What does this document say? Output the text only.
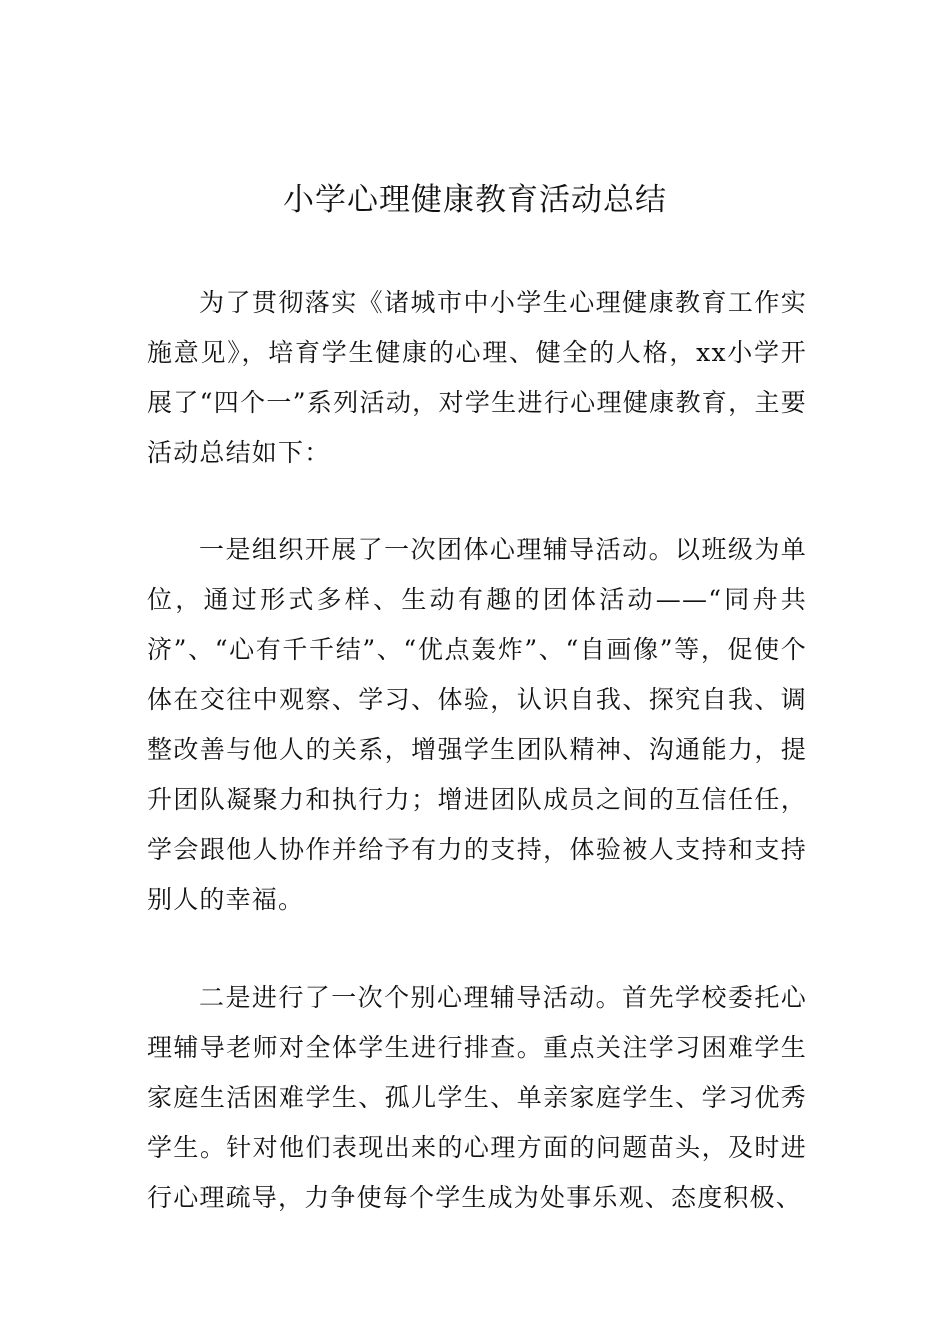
小学心理健康教育活动总结

为了贯彻落实《诸城市中小学生心理健康教育工作实施意见》，培育学生健康的心理、健全的人格，xx小学开展了“四个一”系列活动，对学生进行心理健康教育，主要活动总结如下：

一是组织开展了一次团体心理辅导活动。以班级为单位，通过形式多样、生动有趣的团体活动——“同舟共济”、“心有千千结”、“优点轰炸”、“自画像”等，促使个体在交往中观察、学习、体验，认识自我、探究自我、调整改善与他人的关系，增强学生团队精神、沟通能力，提升团队凝聚力和执行力；增进团队成员之间的互信任任，学会跟他人协作并给予有力的支持，体验被人支持和支持别人的幸福。

二是进行了一次个别心理辅导活动。首先学校委托心理辅导老师对全体学生进行排查。重点关注学习困难学生家庭生活困难学生、孤儿学生、单亲家庭学生、学习优秀学生。针对他们表现出来的心理方面的问题苗头，及时进行心理疏导，力争使每个学生成为处事乐观、态度积极、
